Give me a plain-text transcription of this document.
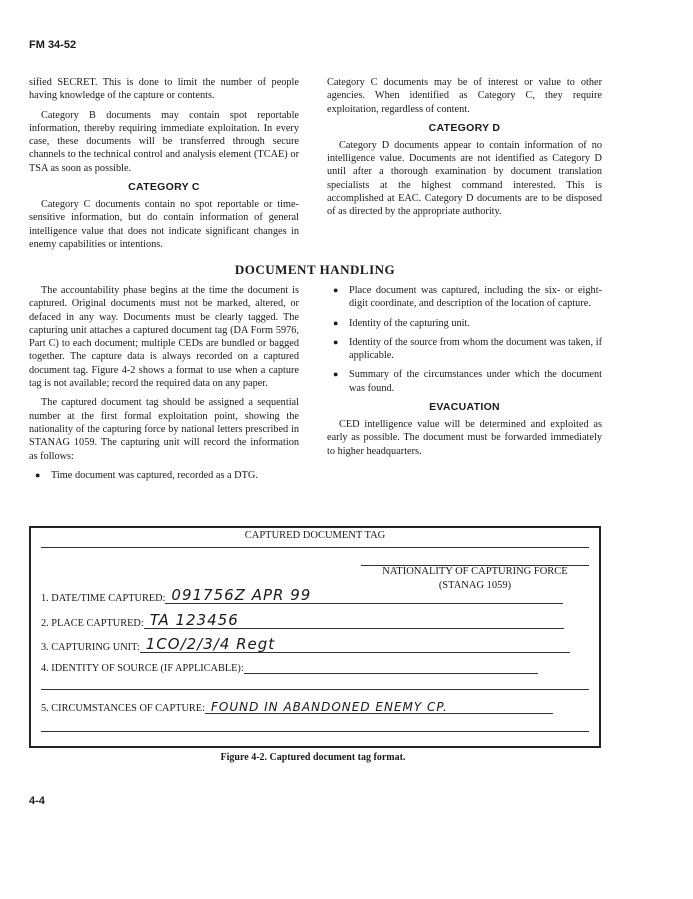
FM 34-52

sified SECRET. This is done to limit the number of people having knowledge of the capture or contents.

Category B documents may contain spot reportable information, thereby requiring immediate exploitation. In every case, these documents will be transferred through secure channels to the technical control and analysis element (TCAE) or TSA as soon as possible.

CATEGORY C

Category C documents contain no spot reportable or time-sensitive information, but do contain information of general intelligence value that does not indicate significant changes in enemy capabilities or intentions.

Category C documents may be of interest or value to other agencies. When identified as Category C, they require exploitation, regardless of content.

CATEGORY D

Category D documents appear to contain information of no intelligence value. Documents are not identified as Category D until after a thorough examination by document translation specialists at the highest command interested. This is accomplished at EAC. Category D documents are to be disposed of as directed by the appropriate authority.

DOCUMENT HANDLING

The accountability phase begins at the time the document is captured. Original documents must not be marked, altered, or defaced in any way. Documents must be clearly tagged. The capturing unit attaches a captured document tag (DA Form 5976, Part C) to each document; multiple CEDs are bundled or bagged together. The capture data is always recorded on a captured document tag. Figure 4-2 shows a format to use when a capture tag is not available; record the required data on any paper.

The captured document tag should be assigned a sequential number at the first formal exploitation point, showing the nationality of the capturing force by national letters prescribed in STANAG 1059. The capturing unit will record the information as follows:

● Time document was captured, recorded as a DTG.
● Place document was captured, including the six- or eight-digit coordinate, and description of the location of capture.
● Identity of the capturing unit.
● Identity of the source from whom the document was taken, if applicable.
● Summary of the circumstances under which the document was found.
EVACUATION

CED intelligence value will be determined and exploited as early as possible. The document must be forwarded immediately to higher headquarters.

CAPTURED DOCUMENT TAG
NATIONALITY OF CAPTURING FORCE
(STANAG 1059)
1. DATE/TIME CAPTURED: 091756Z APR 99
2. PLACE CAPTURED: TA 123456
3. CAPTURING UNIT: 1CO/2/3/4 Regt
4. IDENTITY OF SOURCE (IF APPLICABLE):
5. CIRCUMSTANCES OF CAPTURE: FOUND IN ABANDONED ENEMY CP.
Figure 4-2. Captured document tag format.
4-4
